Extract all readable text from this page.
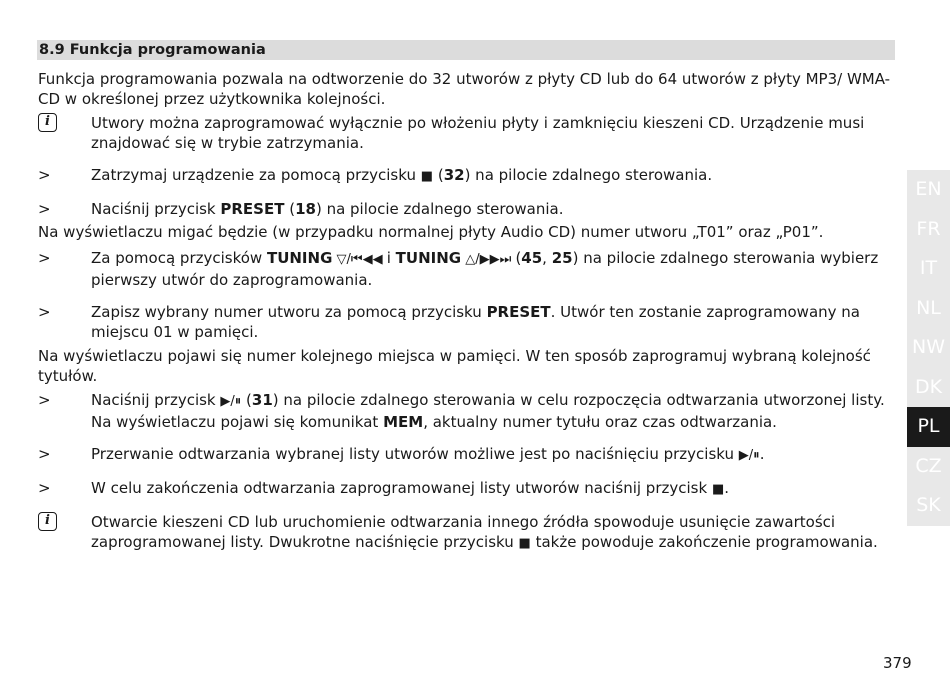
8.9 Funkcja programowania

Funkcja programowania pozwala na odtworzenie do 32 utworów z płyty CD lub do 64 utworów z płyty MP3/ WMA-CD w określonej przez użytkownika kolejności.

i	Utwory można zaprogramować wyłącznie po włożeniu płyty i zamknięciu kieszeni CD. Urządzenie musi znajdować się w trybie zatrzymania.
>	Zatrzymaj urządzenie za pomocą przycisku ■ (32) na pilocie zdalnego sterowania.
>	Naciśnij przycisk PRESET (18) na pilocie zdalnego sterowania.

Na wyświetlaczu migać będzie (w przypadku normalnej płyty Audio CD) numer utworu „T01” oraz „P01”.

>	Za pomocą przycisków TUNING ▽/⏮◀◀ i TUNING △/▶▶⏭ (45, 25) na pilocie zdalnego sterowania wybierz pierwszy utwór do zaprogramowania.
>	Zapisz wybrany numer utworu za pomocą przycisku PRESET. Utwór ten zostanie zaprogramowany na miejscu 01 w pamięci.

Na wyświetlaczu pojawi się numer kolejnego miejsca w pamięci. W ten sposób zaprogramuj wybraną kolejność tytułów.

>	Naciśnij przycisk ▶/⏸ (31) na pilocie zdalnego sterowania w celu rozpoczęcia odtwarzania utworzonej listy. Na wyświetlaczu pojawi się komunikat MEM, aktualny numer tytułu oraz czas odtwarzania.
>	Przerwanie odtwarzania wybranej listy utworów możliwe jest po naciśnięciu przycisku ▶/⏸.
>	W celu zakończenia odtwarzania zaprogramowanej listy utworów naciśnij przycisk ■.
i	Otwarcie kieszeni CD lub uruchomienie odtwarzania innego źródła spowoduje usunięcie zawartości zaprogramowanej listy. Dwukrotne naciśnięcie przycisku ■ także powoduje zakończenie programowania.
EN
FR
IT
NL
NW
DK
PL
CZ
SK
379
